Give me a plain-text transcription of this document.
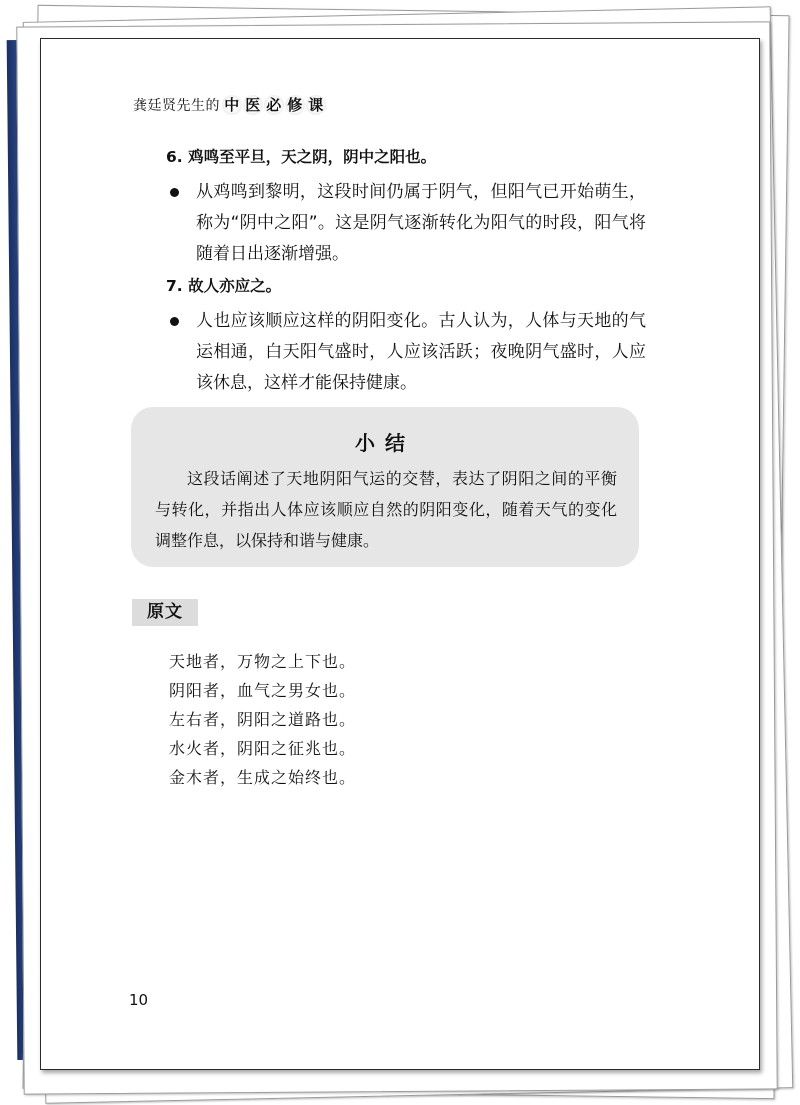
龚廷贤先生的 中 医 必 修 课
6. 鸡鸣至平旦，天之阴，阴中之阳也。
从鸡鸣到黎明，这段时间仍属于阴气，但阳气已开始萌生，称为“阴中之阳”。这是阴气逐渐转化为阳气的时段，阳气将随着日出逐渐增强。
7. 故人亦应之。
人也应该顺应这样的阴阳变化。古人认为，人体与天地的气运相通，白天阳气盛时，人应该活跃；夜晚阴气盛时，人应该休息，这样才能保持健康。
小结
这段话阐述了天地阴阳气运的交替，表达了阴阳之间的平衡与转化，并指出人体应该顺应自然的阴阳变化，随着天气的变化调整作息，以保持和谐与健康。
原文
天地者，万物之上下也。
阴阳者，血气之男女也。
左右者，阴阳之道路也。
水火者，阴阳之征兆也。
金木者，生成之始终也。
10
